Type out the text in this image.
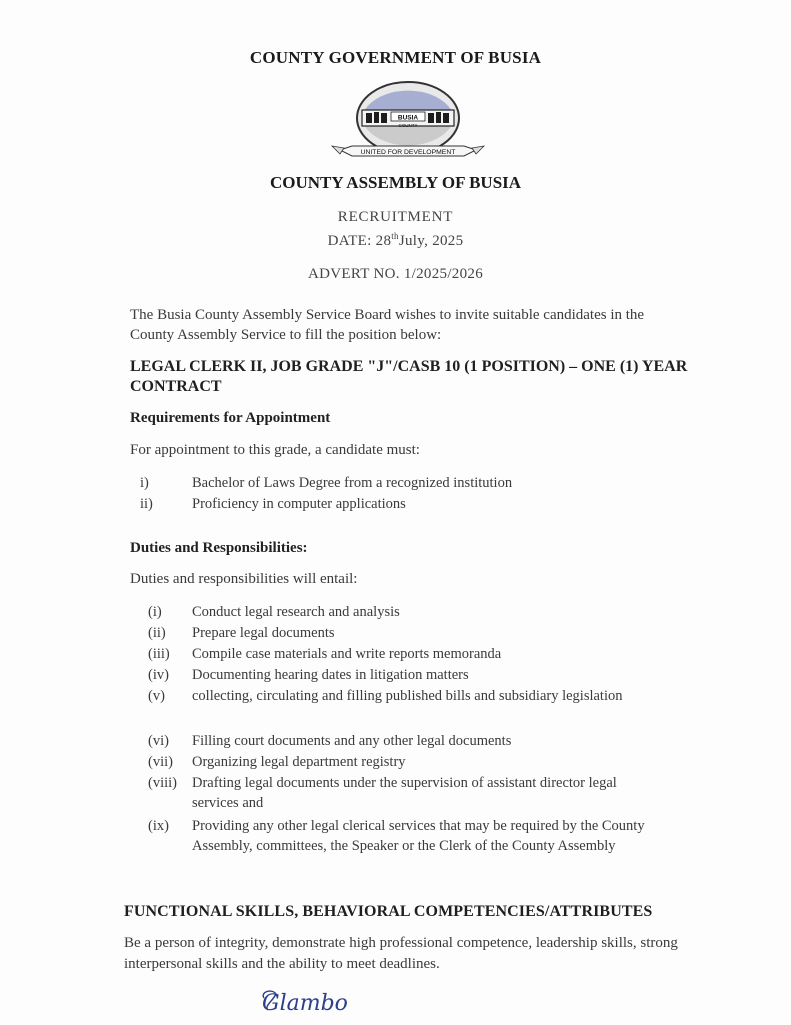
COUNTY GOVERNMENT OF BUSIA
BUSIA
COUNTY
UNITED FOR DEVELOPMENT
COUNTY ASSEMBLY OF BUSIA
RECRUITMENT
DATE: 28thJuly, 2025
ADVERT NO. 1/2025/2026
The Busia County Assembly Service Board wishes to invite suitable candidates in the County Assembly Service to fill the position below:
LEGAL CLERK II, JOB GRADE "J"/CASB 10 (1 POSITION) – ONE (1) YEAR CONTRACT
Requirements for Appointment
For appointment to this grade, a candidate must:
i)	Bachelor of Laws Degree from a recognized institution
ii)	Proficiency in computer applications
Duties and Responsibilities:
Duties and responsibilities will entail:
(i)	Conduct legal research and analysis
(ii)	Prepare legal documents
(iii)	Compile case materials and write reports memoranda
(iv)	Documenting hearing dates in litigation matters
(v)	collecting, circulating and filling published bills and subsidiary legislation
(vi)	Filling court documents and any other legal documents
(vii)	Organizing legal department registry
(viii)	Drafting legal documents under the supervision of assistant director legal services and
(ix)	Providing any other legal clerical services that may be required by the County Assembly, committees, the Speaker or the Clerk of the County Assembly
FUNCTIONAL SKILLS, BEHAVIORAL COMPETENCIES/ATTRIBUTES
Be a person of integrity, demonstrate high professional competence, leadership skills, strong interpersonal skills and the ability to meet deadlines.
Glambo
